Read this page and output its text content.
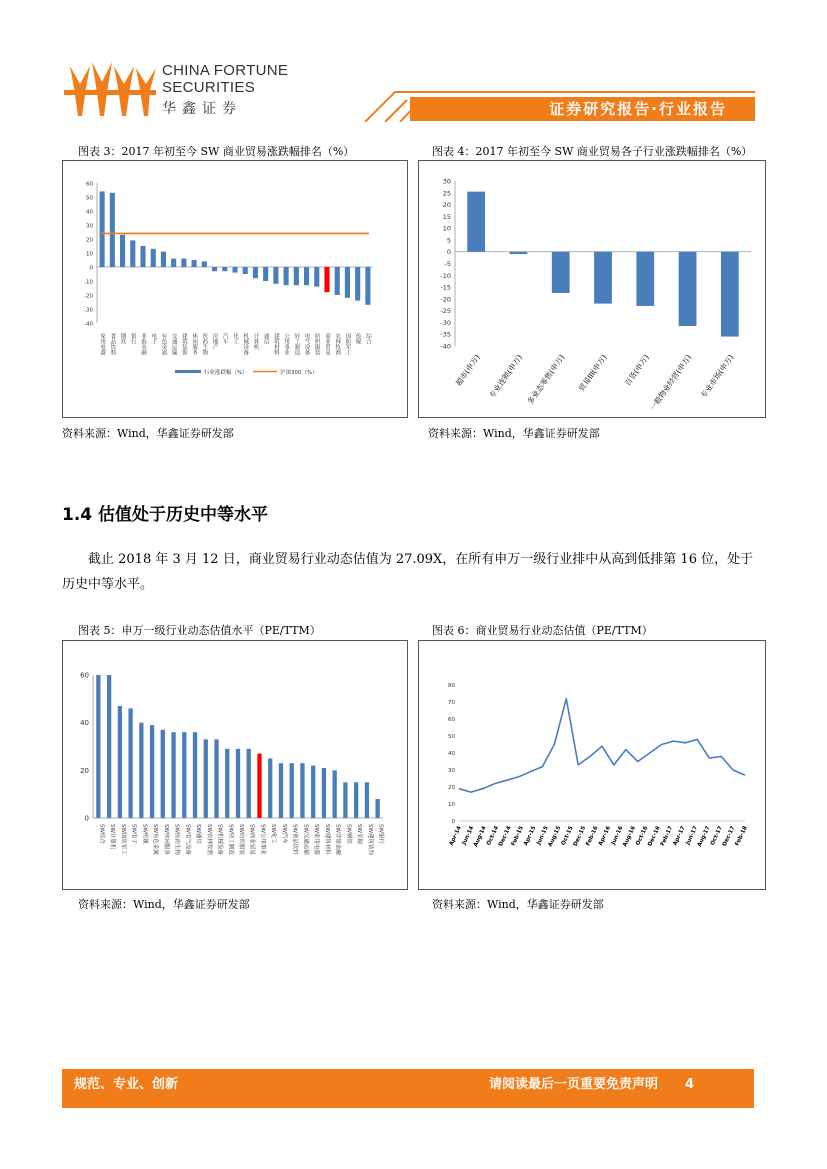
CHINA FORTUNE
SECURITIES
华鑫证券	证券研究报告·行业报告
图表 3：2017 年初至今 SW 商业贸易涨跌幅排名（%）
-40
-30
-20
-10
0
10
20
30
40
50
60
家用电器 食品饮料 钢铁 银行 非银金融 电子 有色金属 交通运输 建筑装饰 休闲服务 医药生物 房地产 汽车 化工 机械设备 计算机 通信 建筑材料 公用事业 轻工制造 电气设备 纺织服装 商业贸易 农林牧渔 国防军工 传媒 综合
行业涨跌幅（%）	沪深300（%）
资料来源：Wind，华鑫证券研发部
图表 4：2017 年初至今 SW 商业贸易各子行业涨跌幅排名（%）
-40
-35
-30
-25
-20
-15
-10
-5
0
5
10
15
20
25
30
超市(申万) 专业连锁(申万) 多业态零售(申万) 贸易III(申万) 百货(申万)
一般物业经营(申万) 专业市场(申万)
资料来源：Wind，华鑫证券研发部
1.4 估值处于历史中等水平
截止 2018 年 3 月 12 日，商业贸易行业动态估值为 27.09X，在所有申万一级行业排中从高到低排第 16 位，处于历史中等水平。
图表 5：申万一级行业动态估值水平（PE/TTM）
0
20
40
60
SW综合 SW计算机 SW国防军工 SW电子 SW传媒 SW有色金属 SW休闲服务 SW医药生物 SW电气设备 SW通信 SW农林牧渔 SW机械设备 SW轻工制造 SW纺织服装 SW商业贸易 SW公用事业 SW化工 SW汽车 SW食品饮料 SW交通运输 SW家用电器 SW建筑材料 SW非银金融 SW钢铁 SW采掘 SW建筑装饰 SW银行
资料来源：Wind，华鑫证券研发部
图表 6：商业贸易行业动态估值（PE/TTM）
0
10
20
30
40
50
60
70
80
Apr-14
Jun-14
Aug-14
Oct-14
Dec-14
Feb-15
Apr-15
Jun-15
Aug-15
Oct-15
Dec-15
Feb-16
Apr-16
Jun-16
Aug-16
Oct-16
Dec-16
Feb-17
Apr-17
Jun-17
Aug-17
Oct-17
Dec-17
Feb-18
资料来源：Wind，华鑫证券研发部
规范、专业、创新	请阅读最后一页重要免责声明 4
